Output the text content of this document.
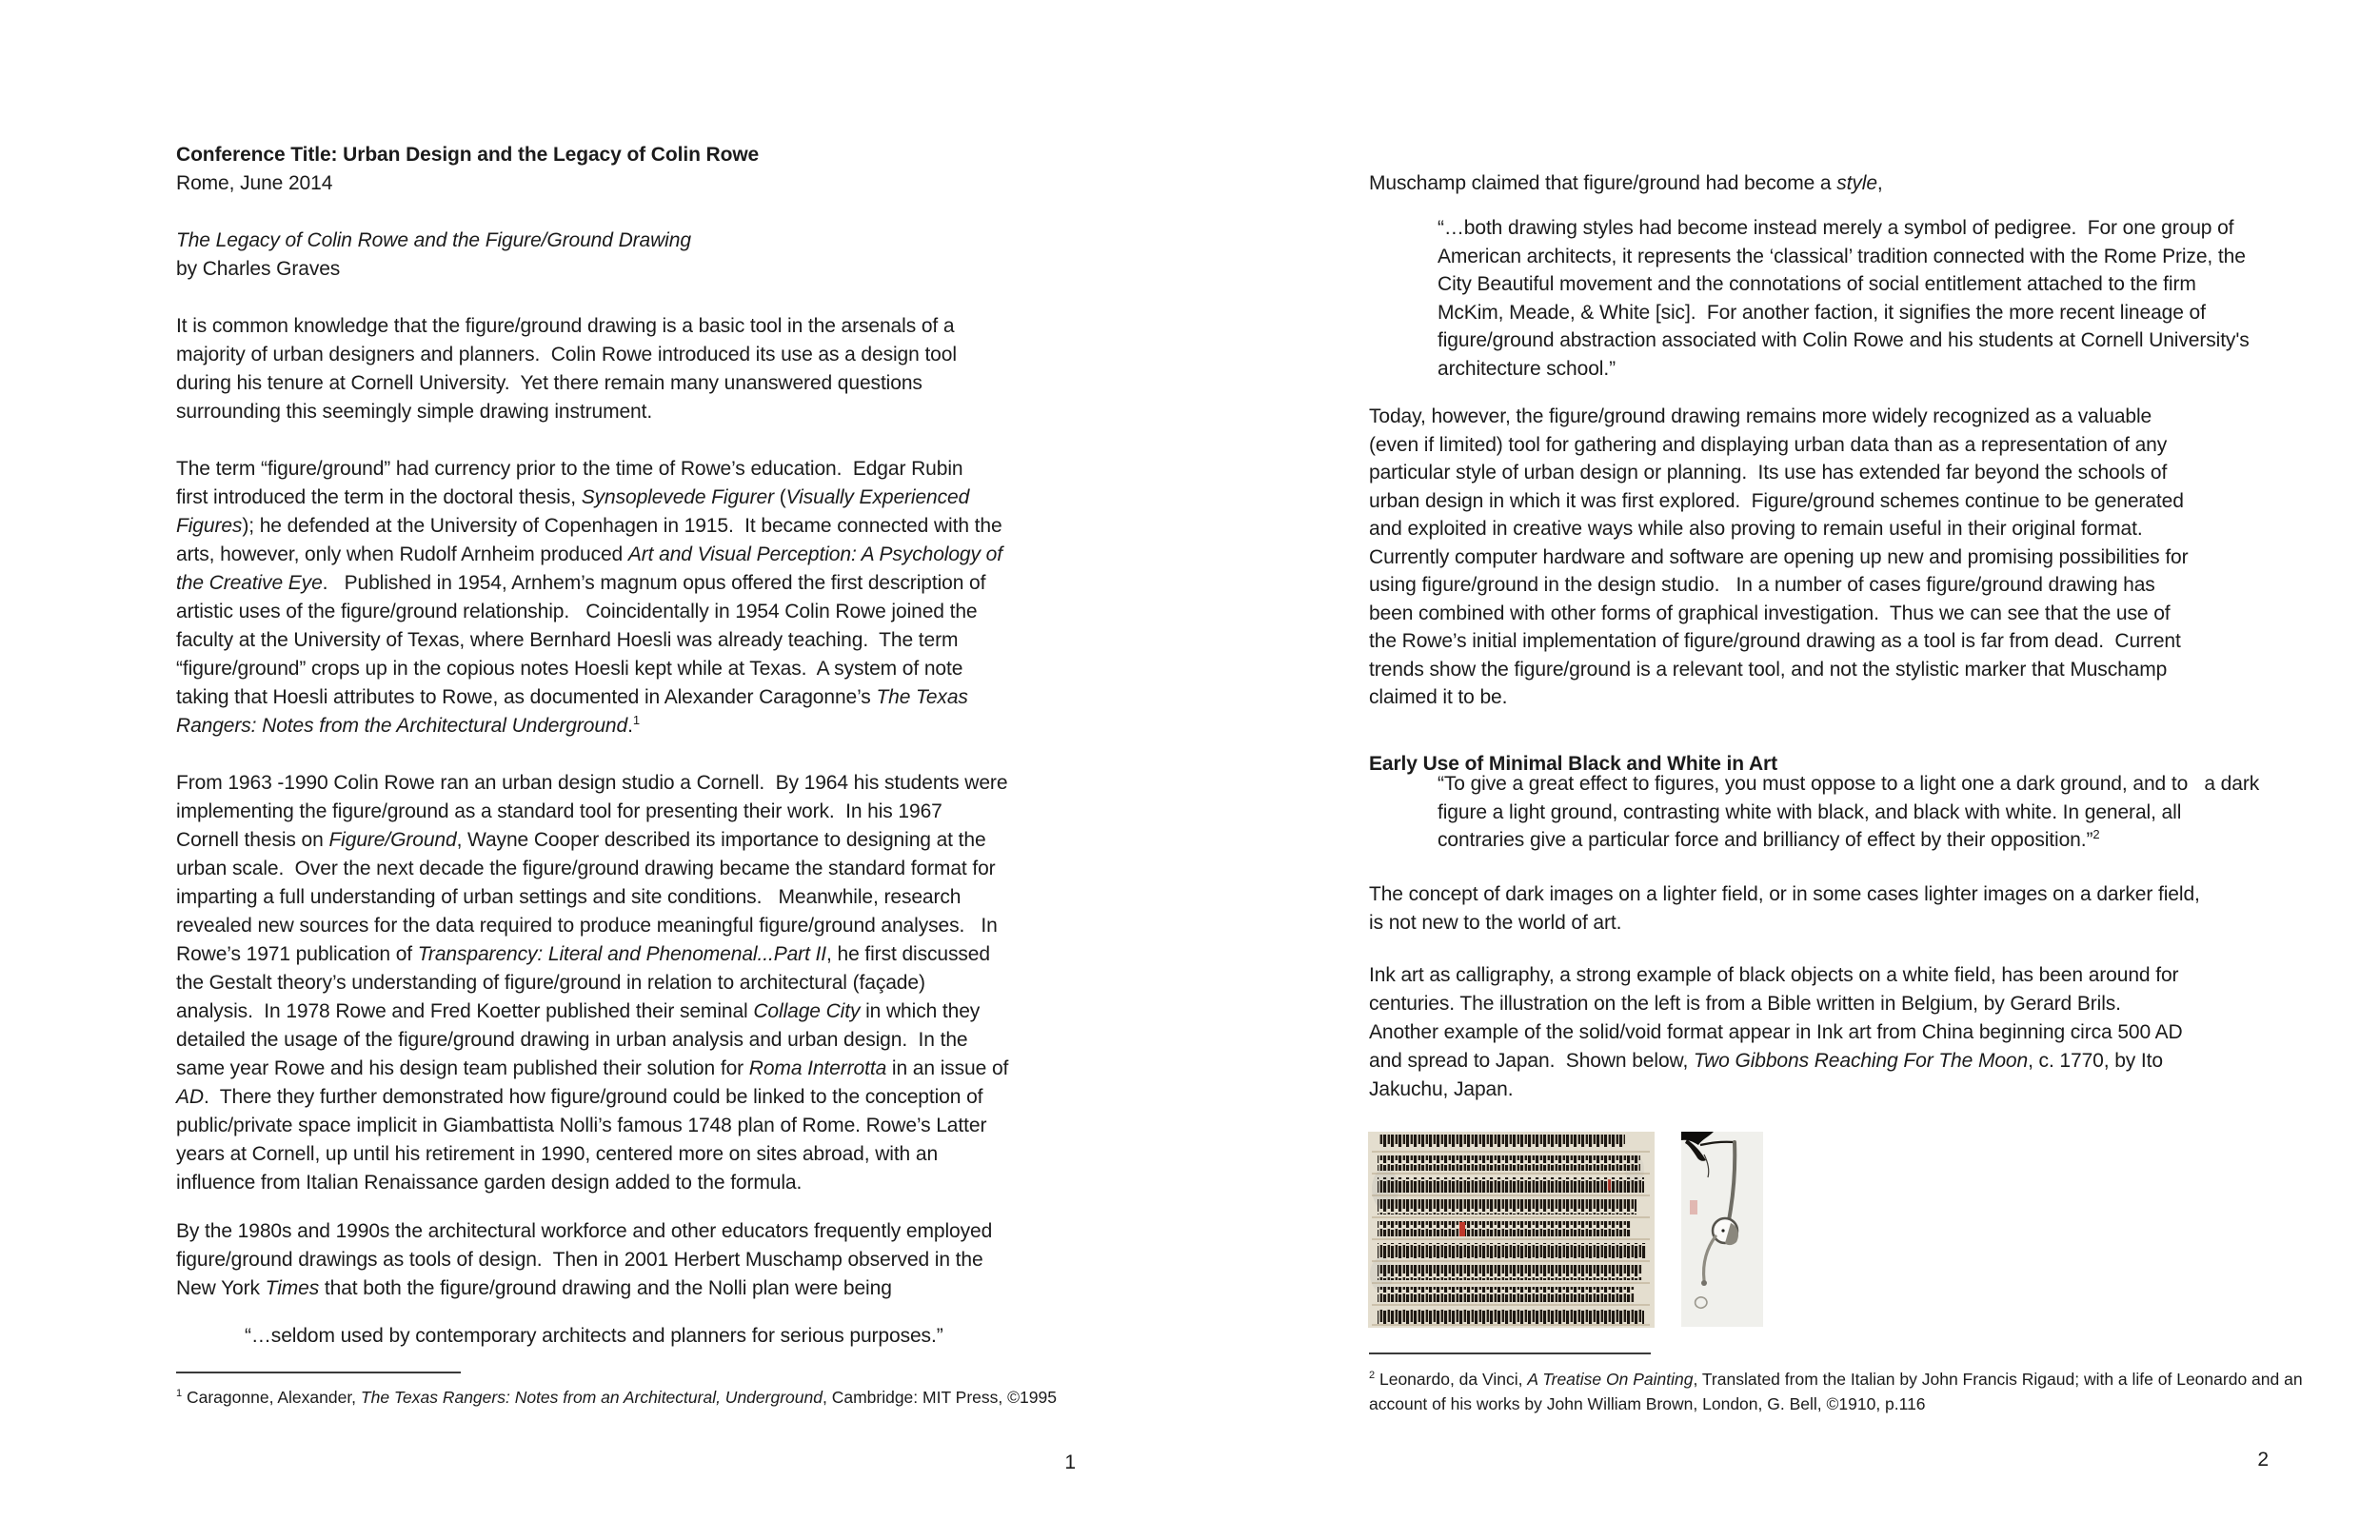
Conference Title: Urban Design and the Legacy of Colin Rowe
Rome, June 2014
The Legacy of Colin Rowe and the Figure/Ground Drawing
by Charles Graves
It is common knowledge that the figure/ground drawing is a basic tool in the arsenals of a
majority of urban designers and planners.  Colin Rowe introduced its use as a design tool
during his tenure at Cornell University.  Yet there remain many unanswered questions
surrounding this seemingly simple drawing instrument.
The term “figure/ground” had currency prior to the time of Rowe’s education.  Edgar Rubin
first introduced the term in the doctoral thesis, Synsoplevede Figurer (Visually Experienced
Figures); he defended at the University of Copenhagen in 1915.  It became connected with the
arts, however, only when Rudolf Arnheim produced Art and Visual Perception: A Psychology of
the Creative Eye.   Published in 1954, Arnhem’s magnum opus offered the first description of
artistic uses of the figure/ground relationship.   Coincidentally in 1954 Colin Rowe joined the
faculty at the University of Texas, where Bernhard Hoesli was already teaching.  The term
“figure/ground” crops up in the copious notes Hoesli kept while at Texas.  A system of note
taking that Hoesli attributes to Rowe, as documented in Alexander Caragonne’s The Texas
Rangers: Notes from the Architectural Underground.$^1$
From 1963 -1990 Colin Rowe ran an urban design studio a Cornell.  By 1964 his students were
implementing the figure/ground as a standard tool for presenting their work.  In his 1967
Cornell thesis on Figure/Ground, Wayne Cooper described its importance to designing at the
urban scale.  Over the next decade the figure/ground drawing became the standard format for
imparting a full understanding of urban settings and site conditions.   Meanwhile, research
revealed new sources for the data required to produce meaningful figure/ground analyses.   In
Rowe’s 1971 publication of Transparency: Literal and Phenomenal...Part II, he first discussed
the Gestalt theory’s understanding of figure/ground in relation to architectural (façade)
analysis.  In 1978 Rowe and Fred Koetter published their seminal Collage City in which they
detailed the usage of the figure/ground drawing in urban analysis and urban design.  In the
same year Rowe and his design team published their solution for Roma Interrotta in an issue of
AD.  There they further demonstrated how figure/ground could be linked to the conception of
public/private space implicit in Giambattista Nolli’s famous 1748 plan of Rome. Rowe’s Latter
years at Cornell, up until his retirement in 1990, centered more on sites abroad, with an
influence from Italian Renaissance garden design added to the formula.
By the 1980s and 1990s the architectural workforce and other educators frequently employed
figure/ground drawings as tools of design.  Then in 2001 Herbert Muschamp observed in the
New York Times that both the figure/ground drawing and the Nolli plan were being
“…seldom used by contemporary architects and planners for serious purposes.”
$^1$ Caragonne, Alexander, The Texas Rangers: Notes from an Architectural, Underground, Cambridge: MIT Press, ©1995
1
Muschamp claimed that figure/ground had become a style,
“…both drawing styles had become instead merely a symbol of pedigree.  For one group of
American architects, it represents the ‘classical’ tradition connected with the Rome Prize, the
City Beautiful movement and the connotations of social entitlement attached to the firm
McKim, Meade, & White [sic].  For another faction, it signifies the more recent lineage of
figure/ground abstraction associated with Colin Rowe and his students at Cornell University's
architecture school.”
Today, however, the figure/ground drawing remains more widely recognized as a valuable
(even if limited) tool for gathering and displaying urban data than as a representation of any
particular style of urban design or planning.  Its use has extended far beyond the schools of
urban design in which it was first explored.  Figure/ground schemes continue to be generated
and exploited in creative ways while also proving to remain useful in their original format.
Currently computer hardware and software are opening up new and promising possibilities for
using figure/ground in the design studio.   In a number of cases figure/ground drawing has
been combined with other forms of graphical investigation.  Thus we can see that the use of
the Rowe’s initial implementation of figure/ground drawing as a tool is far from dead.  Current
trends show the figure/ground is a relevant tool, and not the stylistic marker that Muschamp
claimed it to be.
Early Use of Minimal Black and White in Art
“To give a great effect to figures, you must oppose to a light one a dark ground, and to   a dark
figure a light ground, contrasting white with black, and black with white. In general, all
contraries give a particular force and brilliancy of effect by their opposition.”$^2$
The concept of dark images on a lighter field, or in some cases lighter images on a darker field,
is not new to the world of art.
Ink art as calligraphy, a strong example of black objects on a white field, has been around for
centuries. The illustration on the left is from a Bible written in Belgium, by Gerard Brils.
Another example of the solid/void format appear in Ink art from China beginning circa 500 AD
and spread to Japan.  Shown below, Two Gibbons Reaching For The Moon, c. 1770, by Ito
Jakuchu, Japan.
$^2$ Leonardo, da Vinci, A Treatise On Painting, Translated from the Italian by John Francis Rigaud; with a life of Leonardo and an
account of his works by John William Brown, London, G. Bell, ©1910, p.116
2
